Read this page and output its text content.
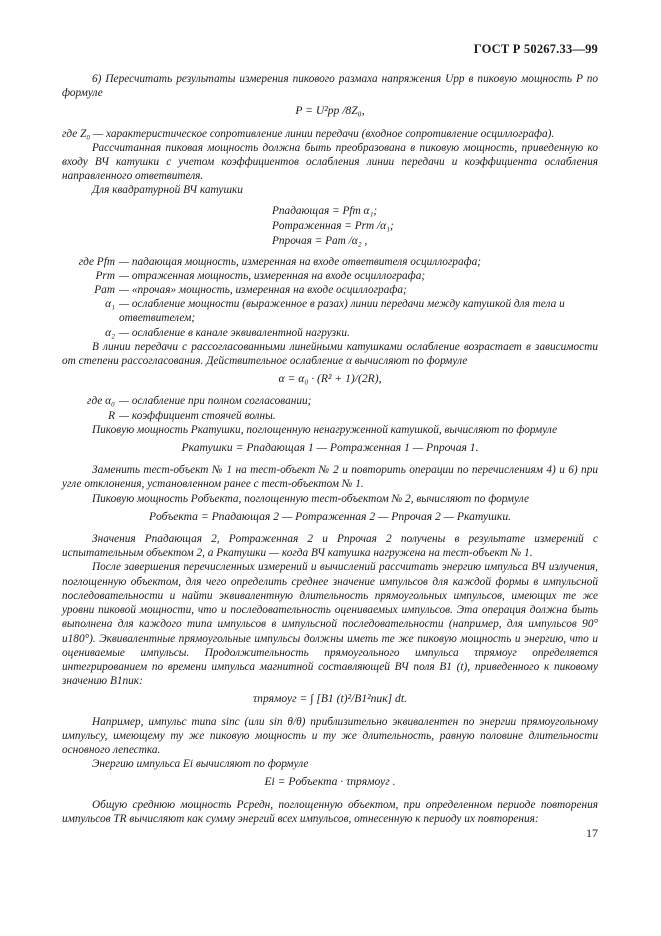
ГОСТ Р 50267.33—99

6) Пересчитать результаты измерения пикового размаха напряжения Upp в пиковую мощность P по формуле

P = U²pp /8Z₀,

где Z₀ — характеристическое сопротивление линии передачи (входное сопротивление осциллографа).

Рассчитанная пиковая мощность должна быть преобразована в пиковую мощность, приведенную ко входу ВЧ катушки с учетом коэффициентов ослабления линии передачи и коэффициента ослабления направленного ответвителя.

Для квадратурной ВЧ катушки

Pпадающая = Pfm α₁;
Pотраженная = Prm /α₁;
Pпрочая = Pam /α₂ ,
где Pfm — падающая мощность, измеренная на входе ответвителя осциллографа;
Prm — отраженная мощность, измеренная на входе осциллографа;
Pam — «прочая» мощность, измеренная на входе осциллографа;
α₁ — ослабление мощности (выраженное в разах) линии передачи между катушкой для тела и
ответвителем;
α₂ — ослабление в канале эквивалентной нагрузки.

В линии передачи с рассогласованными линейными катушками ослабление возрастает в зависимости от степени рассогласования. Действительное ослабление α вычисляют по формуле

α = α₀ · (R² + 1)/(2R),
где α₀ — ослабление при полном согласовании;
R — коэффициент стоячей волны.

Пиковую мощность Pкатушки, поглощенную ненагруженной катушкой, вычисляют по формуле

Pкатушки = Pпадающая 1 — Pотраженная 1 — Pпрочая 1.

Заменить тест-объект № 1 на тест-объект № 2 и повторить операции по перечислениям 4) и 6) при угле отклонения, установленном ранее с тест-объектом № 1.

Пиковую мощность Pобъекта, поглощенную тест-объектом № 2, вычисляют по формуле

Pобъекта = Pпадающая 2 — Pотраженная 2 — Pпрочая 2 — Pкатушки.

Значения Pпадающая 2, Pотраженная 2 и Pпрочая 2 получены в результате измерений с испытательным объектом 2, а Pкатушки — когда ВЧ катушка нагружена на тест-объект № 1.

После завершения перечисленных измерений и вычислений рассчитать энергию импульса ВЧ излучения, поглощенную объектом, для чего определить среднее значение импульсов для каждой формы в импульсной последовательности и найти эквивалентную длительность прямоугольных импульсов, имеющих те же уровни пиковой мощности, что и последовательность оцениваемых импульсов. Эта операция должна быть выполнена для каждого типа импульсов в импульсной последовательности (например, для импульсов 90° и180°). Эквивалентные прямоугольные импульсы должны иметь те же пиковую мощность и энергию, что и оцениваемые импульсы. Продолжительность прямоугольного импульса τпрямоуг определяется интегрированием по времени импульса магнитной составляющей ВЧ поля B1 (t), приведенного к пиковому значению B1пик:

τпрямоуг = ∫ [B1 (t)²/B1²пик] dt.

Например, импульс типа sinc (или sin θ/θ) приблизительно эквивалентен по энергии прямоугольному импульсу, имеющему ту же пиковую мощность и ту же длительность, равную половине длительности основного лепестка.

Энергию импульса Ei вычисляют по формуле

Ei = Pобъекта · τпрямоуг .

Общую среднюю мощность Pсредн, поглощенную объектом, при определенном периоде повторения импульсов TR вычисляют как сумму энергий всех импульсов, отнесенную к периоду их повторения:

17
